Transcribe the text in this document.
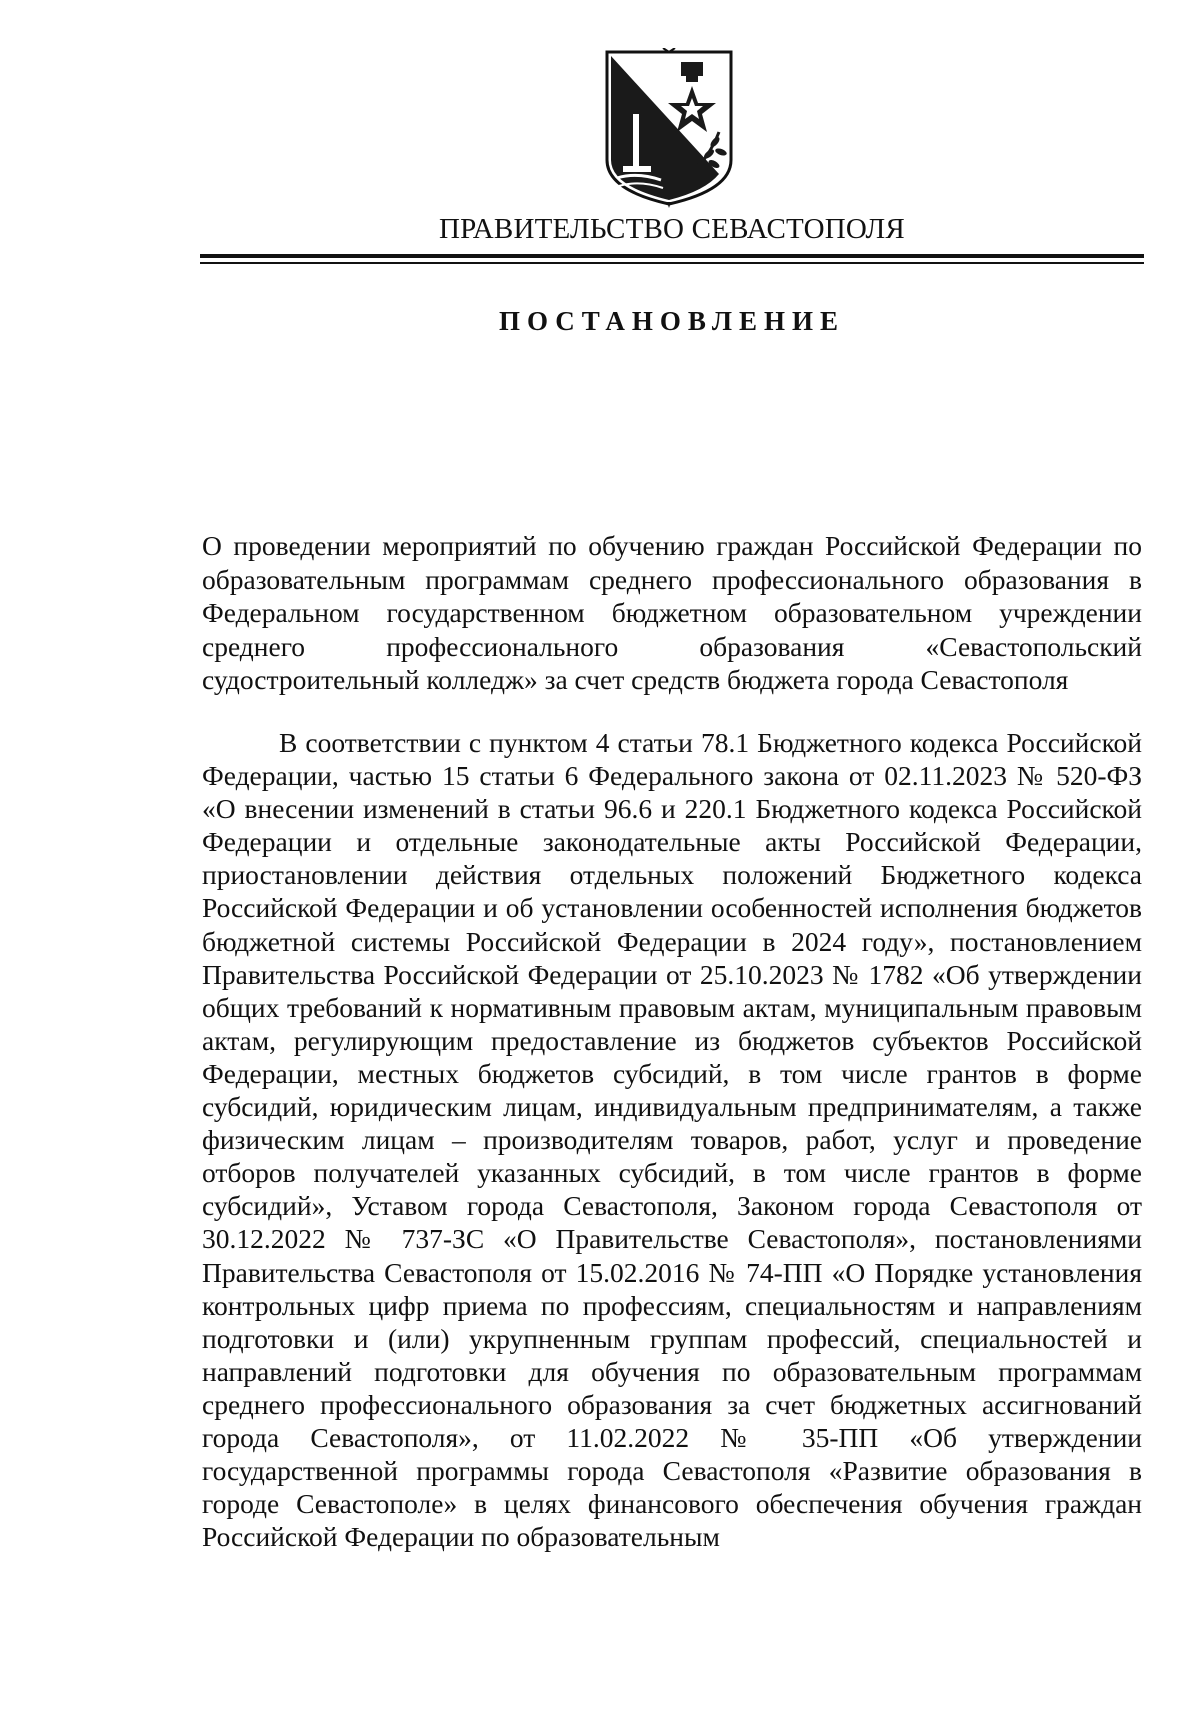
ПРАВИТЕЛЬСТВО СЕВАСТОПОЛЯ
ПОСТАНОВЛЕНИЕ
О проведении мероприятий по обучению граждан Российской Федерации по образовательным программам среднего профессионального образования в Федеральном государственном бюджетном образовательном учреждении среднего профессионального образования «Севастопольский судостроительный колледж» за счет средств бюджета города Севастополя
В соответствии с пунктом 4 статьи 78.1 Бюджетного кодекса Российской Федерации, частью 15 статьи 6 Федерального закона от 02.11.2023 № 520-ФЗ «О внесении изменений в статьи 96.6 и 220.1 Бюджетного кодекса Российской Федерации и отдельные законодательные акты Российской Федерации, приостановлении действия отдельных положений Бюджетного кодекса Российской Федерации и об установлении особенностей исполнения бюджетов бюджетной системы Российской Федерации в 2024 году», постановлением Правительства Российской Федерации от 25.10.2023 № 1782 «Об утверждении общих требований к нормативным правовым актам, муниципальным правовым актам, регулирующим предоставление из бюджетов субъектов Российской Федерации, местных бюджетов субсидий, в том числе грантов в форме субсидий, юридическим лицам, индивидуальным предпринимателям, а также физическим лицам – производителям товаров, работ, услуг и проведение отборов получателей указанных субсидий, в том числе грантов в форме субсидий», Уставом города Севастополя, Законом города Севастополя от 30.12.2022 № 737-ЗС «О Правительстве Севастополя», постановлениями Правительства Севастополя от 15.02.2016 № 74-ПП «О Порядке установления контрольных цифр приема по профессиям, специальностям и направлениям подготовки и (или) укрупненным группам профессий, специальностей и направлений подготовки для обучения по образовательным программам среднего профессионального образования за счет бюджетных ассигнований города Севастополя», от 11.02.2022 № 35-ПП «Об утверждении государственной программы города Севастополя «Развитие образования в городе Севастополе» в целях финансового обеспечения обучения граждан Российской Федерации по образовательным
